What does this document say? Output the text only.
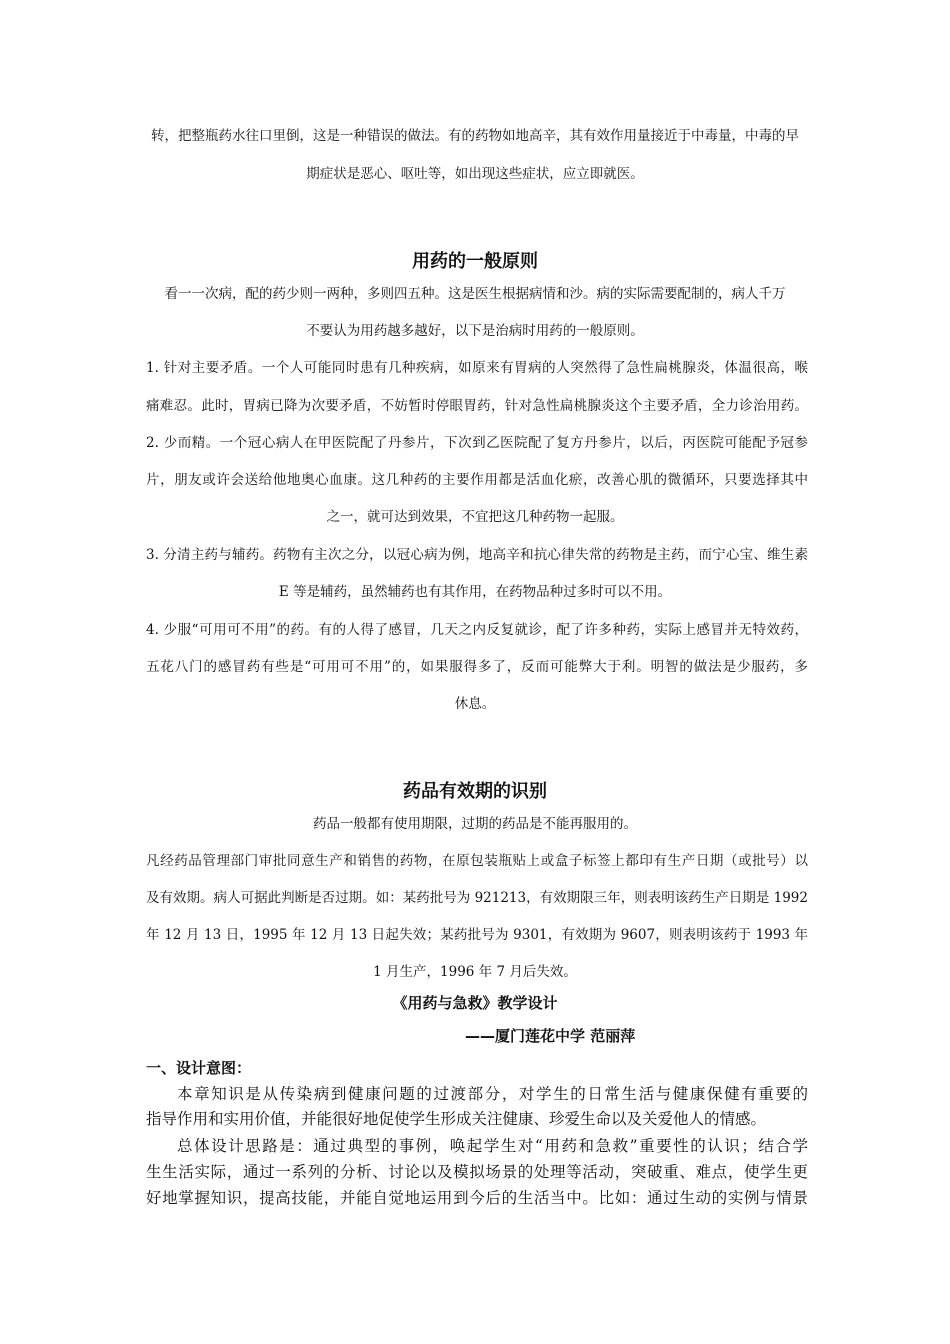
转，把整瓶药水往口里倒，这是一种错误的做法。有的药物如地高辛，其有效作用量接近于中毒量，中毒的早
期症状是恶心、呕吐等，如出现这些症状，应立即就医。
用药的一般原则
看一一次病，配的药少则一两种，多则四五种。这是医生根据病情和沙。病的实际需要配制的，病人千万
不要认为用药越多越好，以下是治病时用药的一般原则。
1. 针对主要矛盾。一个人可能同时患有几种疾病，如原来有胃病的人突然得了急性扁桃腺炎，体温很高，喉
痛难忍。此时，胃病已降为次要矛盾，不妨暂时停眼胃药，针对急性扁桃腺炎这个主要矛盾，全力诊治用药。
2. 少而精。一个冠心病人在甲医院配了丹参片，下次到乙医院配了复方丹参片，以后，丙医院可能配予冠参
片，朋友或许会送给他地奥心血康。这几种药的主要作用都是活血化瘀，改善心肌的微循环，只要选择其中
之一，就可达到效果，不宜把这几种药物一起服。
3. 分清主药与辅药。药物有主次之分，以冠心病为例，地高辛和抗心律失常的药物是主药，而宁心宝、维生素
E 等是辅药，虽然辅药也有其作用，在药物品种过多时可以不用。
4. 少服“可用可不用”的药。有的人得了感冒，几天之内反复就诊，配了许多种药，实际上感冒并无特效药，
五花八门的感冒药有些是“可用可不用”的，如果服得多了，反而可能弊大于利。明智的做法是少服药，多
休息。
药品有效期的识别
药品一般都有使用期限，过期的药品是不能再服用的。
凡经药品管理部门审批同意生产和销售的药物，在原包装瓶贴上或盒子标签上都印有生产日期（或批号）以
及有效期。病人可据此判断是否过期。如：某药批号为 921213，有效期限三年，则表明该药生产日期是 1992
年 12 月 13 日，1995 年 12 月 13 日起失效；某药批号为 9301，有效期为 9607，则表明该药于 1993 年
1 月生产，1996 年 7 月后失效。
《用药与急救》教学设计
——厦门莲花中学 范丽萍
一、设计意图：
本章知识是从传染病到健康问题的过渡部分，对学生的日常生活与健康保健有重要的
指导作用和实用价值，并能很好地促使学生形成关注健康、珍爱生命以及关爱他人的情感。
总体设计思路是：通过典型的事例，唤起学生对“用药和急救”重要性的认识；结合学
生生活实际，通过一系列的分析、讨论以及模拟场景的处理等活动，突破重、难点，使学生更
好地掌握知识，提高技能，并能自觉地运用到今后的生活当中。比如：通过生动的实例与情景
